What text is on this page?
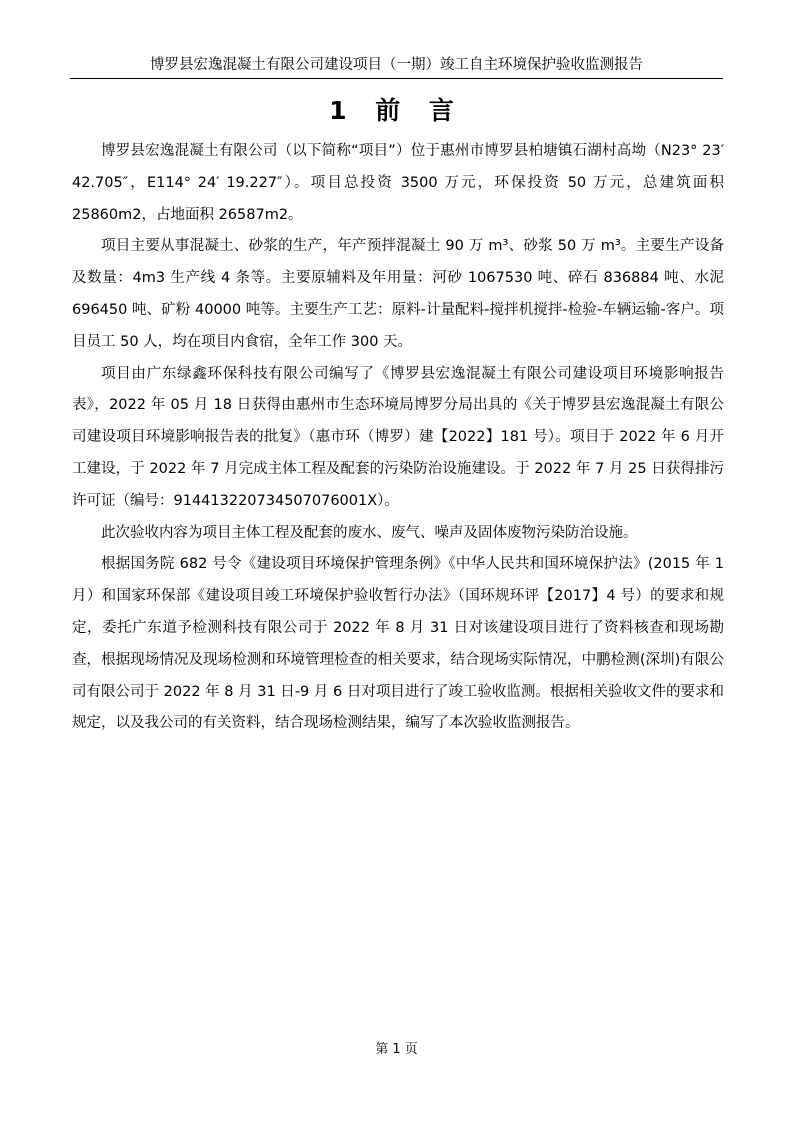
博罗县宏逸混凝土有限公司建设项目（一期）竣工自主环境保护验收监测报告
1 前 言

博罗县宏逸混凝土有限公司（以下简称“项目”）位于惠州市博罗县柏塘镇石湖村高坳（N23° 23′ 42.705″，E114° 24′ 19.227″）。项目总投资 3500 万元，环保投资 50 万元，总建筑面积 25860m2，占地面积 26587m2。

项目主要从事混凝土、砂浆的生产，年产预拌混凝土 90 万 m³、砂浆 50 万 m³。主要生产设备及数量：4m3 生产线 4 条等。主要原辅料及年用量：河砂 1067530 吨、碎石 836884 吨、水泥 696450 吨、矿粉 40000 吨等。主要生产工艺：原料-计量配料-搅拌机搅拌-检验-车辆运输-客户。项目员工 50 人，均在项目内食宿，全年工作 300 天。

项目由广东绿鑫环保科技有限公司编写了《博罗县宏逸混凝土有限公司建设项目环境影响报告表》，2022 年 05 月 18 日获得由惠州市生态环境局博罗分局出具的《关于博罗县宏逸混凝土有限公司建设项目环境影响报告表的批复》（惠市环（博罗）建【2022】181 号）。项目于 2022 年 6 月开工建设，于 2022 年 7 月完成主体工程及配套的污染防治设施建设。于 2022 年 7 月 25 日获得排污许可证（编号：91441322073450707600​1X）。

此次验收内容为项目主体工程及配套的废水、废气、噪声及固体废物污染防治设施。

根据国务院 682 号令《建设项目环境保护管理条例》《中华人民共和国环境保护法》(2015 年 1 月）和国家环保部《建设项目竣工环境保护验收暂行办法》（国环规环评【2017】4 号）的要求和规定，委托广东道予检测科技有限公司于 2022 年 8 月 31 日对该建设项目进行了资料核查和现场勘查，根据现场情况及现场检测和环境管理检查的相关要求，结合现场实际情况，中鹏检测(深圳)有限公司有限公司于 2022 年 8 月 31 日-9 月 6 日对项目进行了竣工验收监测。根据相关验收文件的要求和规定，以及我公司的有关资料，结合现场检测结果，编写了本次验收监测报告。

第 1 页
